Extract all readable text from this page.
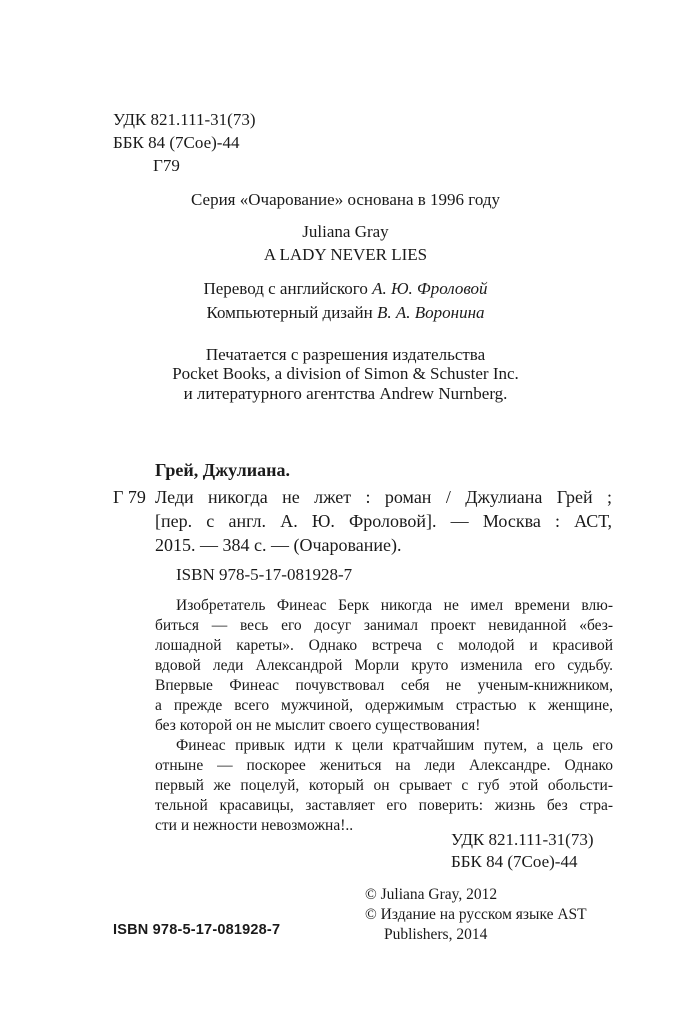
УДК 821.111-31(73)
ББК 84 (7Сое)-44
Г79
Серия «Очарование» основана в 1996 году
Juliana Gray
A LADY NEVER LIES
Перевод с английского А. Ю. Фроловой
Компьютерный дизайн В. А. Воронина
Печатается с разрешения издательства
Pocket Books, a division of Simon & Schuster Inc.
и литературного агентства Andrew Nurnberg.
Грей, Джулиана.
Г 79 Леди никогда не лжет : роман / Джулиана Грей ;
[пер. с англ. А. Ю. Фроловой]. — Москва : АСТ,
2015. — 384 с. — (Очарование).
ISBN 978-5-17-081928-7
Изобретатель Финеас Берк никогда не имел времени влю-
биться — весь его досуг занимал проект невиданной «без-
лошадной кареты». Однако встреча с молодой и красивой
вдовой леди Александрой Морли круто изменила его судьбу.
Впервые Финеас почувствовал себя не ученым-книжником,
а прежде всего мужчиной, одержимым страстью к женщине,
без которой он не мыслит своего существования!
Финеас привык идти к цели кратчайшим путем, а цель его
отныне — поскорее жениться на леди Александре. Однако
первый же поцелуй, который он срывает с губ этой обольсти-
тельной красавицы, заставляет его поверить: жизнь без стра-
сти и нежности невозможна!..
УДК 821.111-31(73)
ББК 84 (7Сое)-44
© Juliana Gray, 2012
© Издание на русском языке AST
Publishers, 2014
ISBN 978-5-17-081928-7
